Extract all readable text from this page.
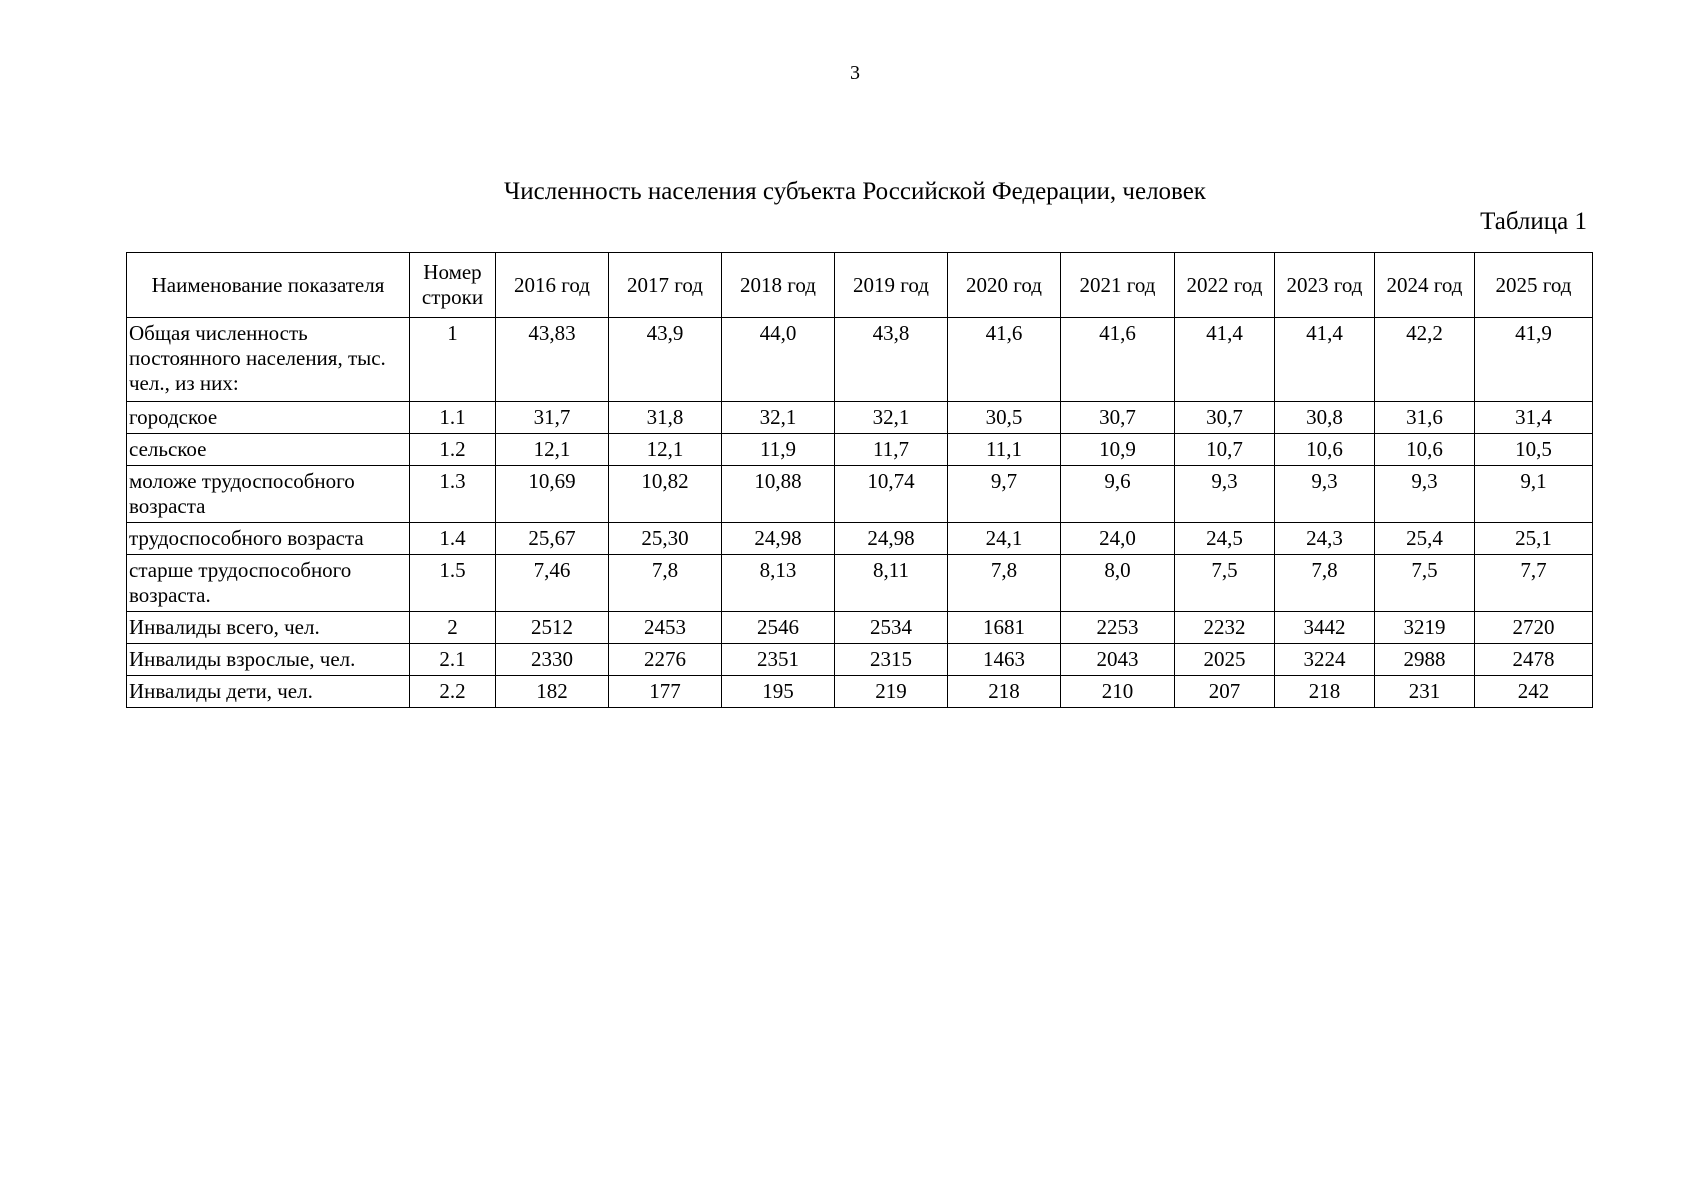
3
Численность населения субъекта Российской Федерации, человек
Таблица 1
Наименование показателя	Номер строки	2016 год	2017 год	2018 год	2019 год	2020 год	2021 год	2022 год	2023 год	2024 год	2025 год
Общая численность постоянного населения, тыс. чел., из них:	1	43,83	43,9	44,0	43,8	41,6	41,6	41,4	41,4	42,2	41,9
городское	1.1	31,7	31,8	32,1	32,1	30,5	30,7	30,7	30,8	31,6	31,4
сельское	1.2	12,1	12,1	11,9	11,7	11,1	10,9	10,7	10,6	10,6	10,5
моложе трудоспособного возраста	1.3	10,69	10,82	10,88	10,74	9,7	9,6	9,3	9,3	9,3	9,1
трудоспособного возраста	1.4	25,67	25,30	24,98	24,98	24,1	24,0	24,5	24,3	25,4	25,1
старше трудоспособного возраста.	1.5	7,46	7,8	8,13	8,11	7,8	8,0	7,5	7,8	7,5	7,7
Инвалиды всего, чел.	2	2512	2453	2546	2534	1681	2253	2232	3442	3219	2720
Инвалиды взрослые, чел.	2.1	2330	2276	2351	2315	1463	2043	2025	3224	2988	2478
Инвалиды дети, чел.	2.2	182	177	195	219	218	210	207	218	231	242
